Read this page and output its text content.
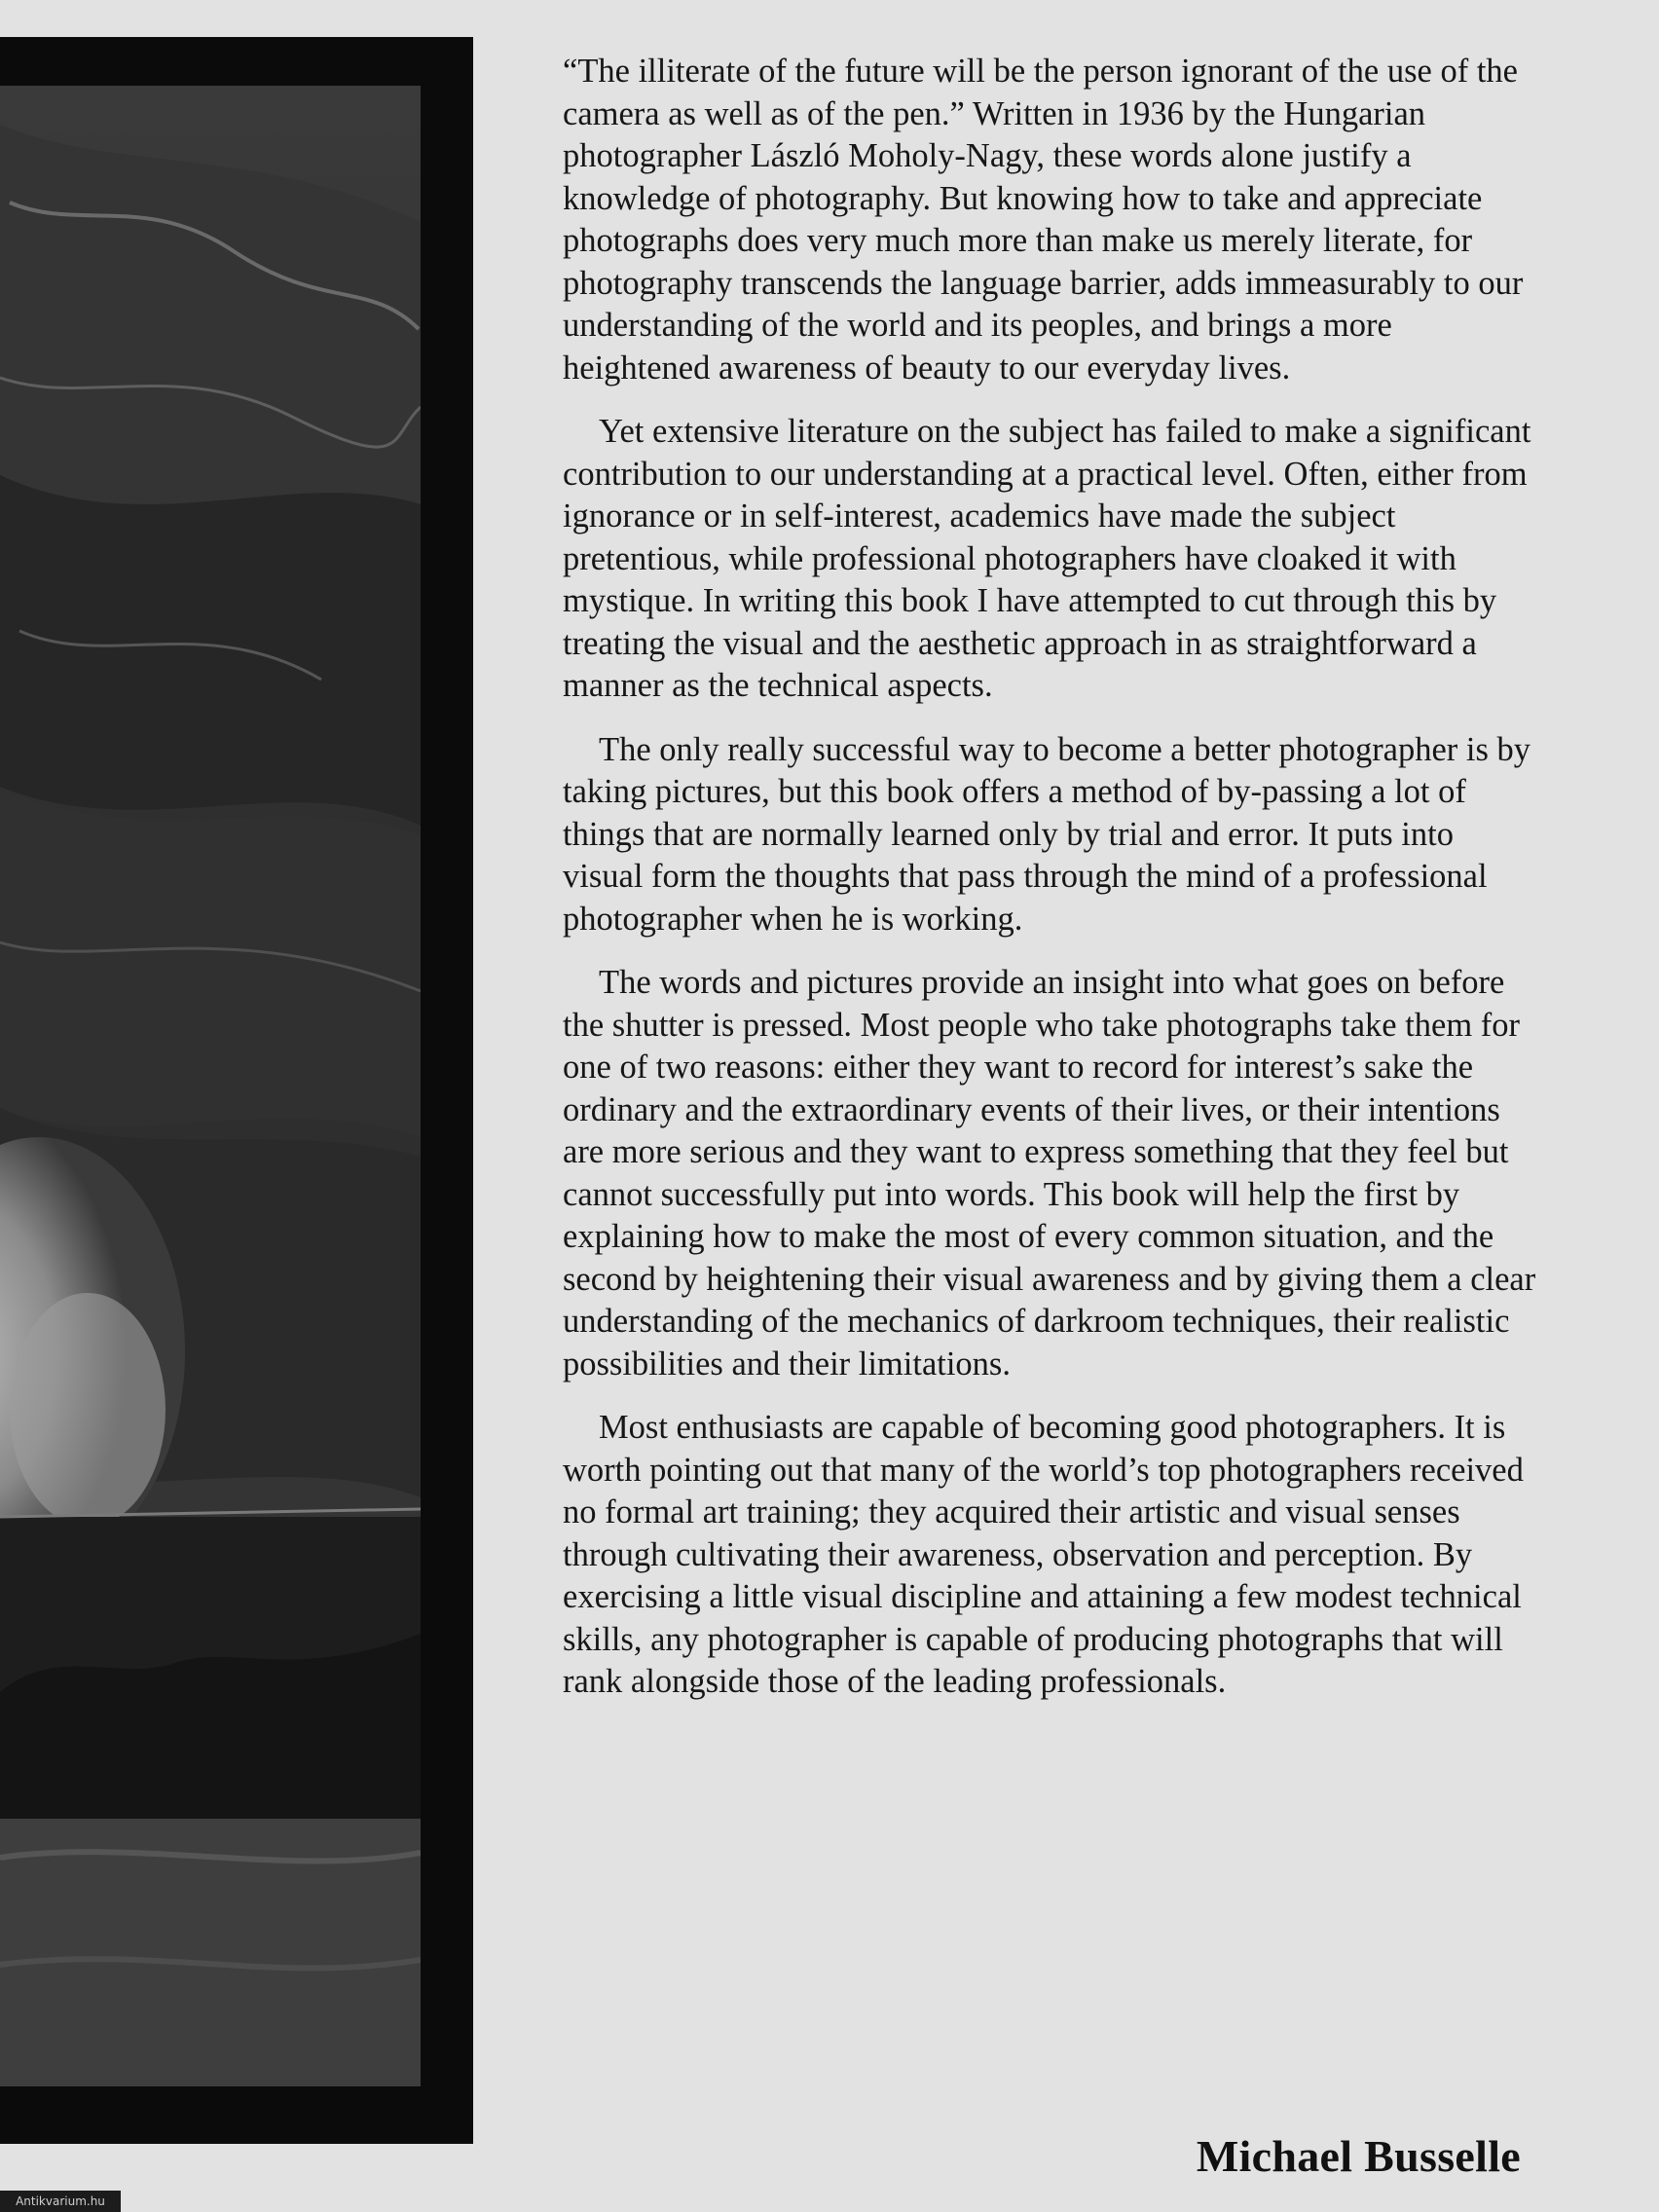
“The illiterate of the future will be the person ignorant of the use of the camera as well as of the pen.” Written in 1936 by the Hungarian photographer László Moholy-Nagy, these words alone justify a knowledge of photography. But knowing how to take and appreciate photographs does very much more than make us merely literate, for photography transcends the language barrier, adds immeasurably to our understanding of the world and its peoples, and brings a more heightened awareness of beauty to our everyday lives.

Yet extensive literature on the subject has failed to make a significant contribution to our understanding at a practical level. Often, either from ignorance or in self-interest, academics have made the subject pretentious, while professional photographers have cloaked it with mystique. In writing this book I have attempted to cut through this by treating the visual and the aesthetic approach in as straightforward a manner as the technical aspects.

The only really successful way to become a better photographer is by taking pictures, but this book offers a method of by-passing a lot of things that are normally learned only by trial and error. It puts into visual form the thoughts that pass through the mind of a professional photographer when he is working.

The words and pictures provide an insight into what goes on before the shutter is pressed. Most people who take photographs take them for one of two reasons: either they want to record for interest’s sake the ordinary and the extraordinary events of their lives, or their intentions are more serious and they want to express something that they feel but cannot successfully put into words. This book will help the first by explaining how to make the most of every common situation, and the second by heightening their visual awareness and by giving them a clear understanding of the mechanics of darkroom techniques, their realistic possibilities and their limitations.

Most enthusiasts are capable of becoming good photographers. It is worth pointing out that many of the world’s top photographers received no formal art training; they acquired their artistic and visual senses through cultivating their awareness, observation and perception. By exercising a little visual discipline and attaining a few modest technical skills, any photographer is capable of producing photographs that will rank alongside those of the leading professionals.

Michael Busselle
Antikvarium.hu
